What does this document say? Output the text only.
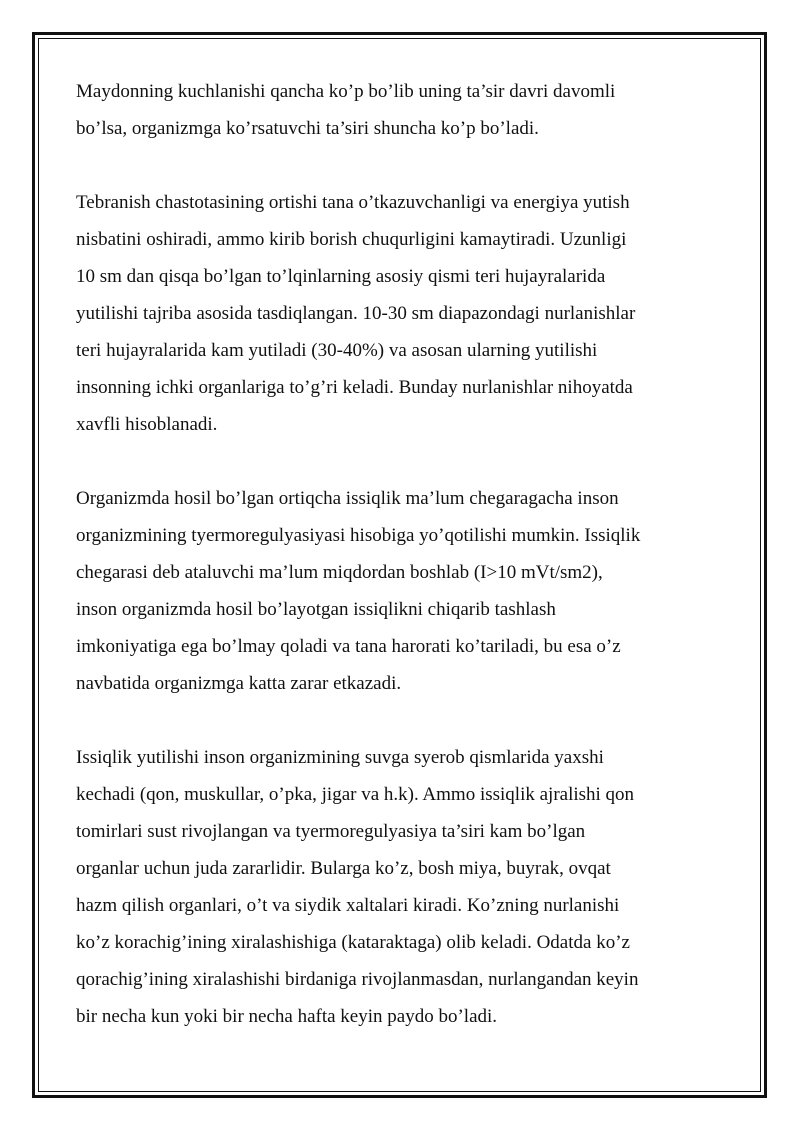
Maydonning kuchlanishi qancha ko’p bo’lib uning ta’sir davri davomli
bo’lsa, organizmga ko’rsatuvchi ta’siri shuncha ko’p bo’ladi.

Tebranish chastotasining ortishi tana o’tkazuvchanligi va energiya yutish
nisbatini oshiradi, ammo kirib borish chuqurligini kamaytiradi. Uzunligi
10 sm dan qisqa bo’lgan to’lqinlarning asosiy qismi teri hujayralarida
yutilishi tajriba asosida tasdiqlangan. 10-30 sm diapazondagi nurlanishlar
teri hujayralarida kam yutiladi (30-40%) va asosan ularning yutilishi
insonning ichki organlariga to’g’ri keladi. Bunday nurlanishlar nihoyatda
xavfli hisoblanadi.

Organizmda hosil bo’lgan ortiqcha issiqlik ma’lum chegaragacha inson
organizmining tyermoregulyasiyasi hisobiga yo’qotilishi mumkin. Issiqlik
chegarasi deb ataluvchi ma’lum miqdordan boshlab (I>10 mVt/sm2),
inson organizmda hosil bo’layotgan issiqlikni chiqarib tashlash
imkoniyatiga ega bo’lmay qoladi va tana harorati ko’tariladi, bu esa o’z
navbatida organizmga katta zarar etkazadi.

Issiqlik yutilishi inson organizmining suvga syerob qismlarida yaxshi
kechadi (qon, muskullar, o’pka, jigar va h.k). Ammo issiqlik ajralishi qon
tomirlari sust rivojlangan va tyermoregulyasiya ta’siri kam bo’lgan
organlar uchun juda zararlidir. Bularga ko’z, bosh miya, buyrak, ovqat
hazm qilish organlari, o’t va siydik xaltalari kiradi. Ko’zning nurlanishi
ko’z korachig’ining xiralashishiga (kataraktaga) olib keladi. Odatda ko’z
qorachig’ining xiralashishi birdaniga rivojlanmasdan, nurlangandan keyin
bir necha kun yoki bir necha hafta keyin paydo bo’ladi.
